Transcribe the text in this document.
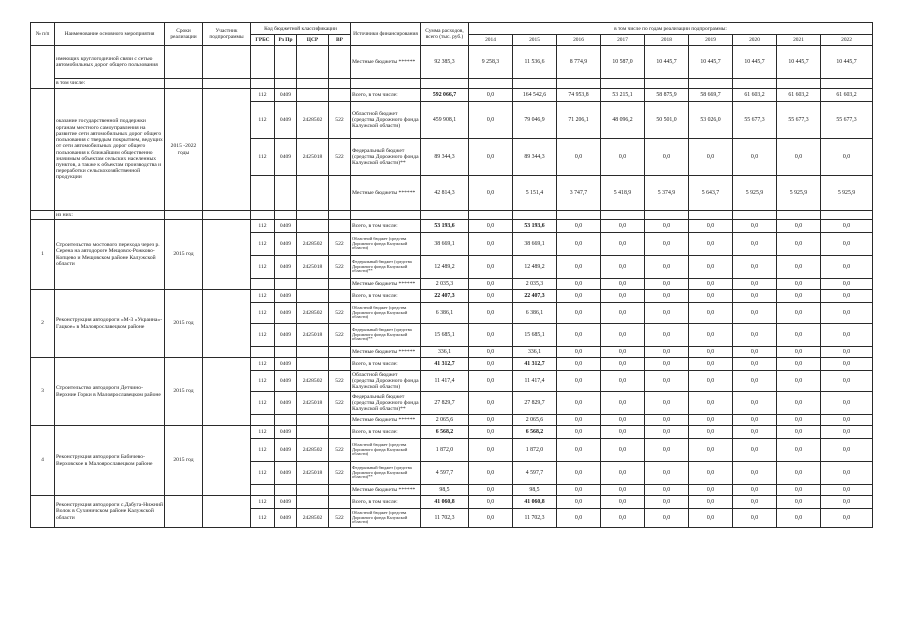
№ п/п	Наименование основного мероприятия	Сроки реализации	Участник подпрограммы	Код бюджетной классификации				Источники финансирования	Сумма расходов, всего (тыс. руб.)	в том числе по годам реализации подпрограммы:								
				ГРБС	Рз Пр	ЦСР	ВР			2014	2015	2016	2017	2018	2019	2020	2021	2022
	имеющих круглогодичной связи с сетью автомобильных дорог общего пользования							Местные бюджеты ******	92 385,3	9 258,3	11 536,6	8 774,9	10 587,0	10 445,7	10 445,7	10 445,7	10 445,7	10 445,7
	в том числе:																	
	оказание государственной поддержки органам местного самоуправления на развитие сети автомобильных дорог общего пользования с твердым покрытием, ведущих от сети автомобильных дорог общего пользования к ближайшим общественно значимым объектам сельских населенных пунктов, а также к объектам производства и переработки сельскохозяйственной продукции	2015 -2022 годы		112	0409			Всего, в том числе:	592 066,7	0,0	164 542,6	74 953,8	53 215,1	58 875,9	58 669,7	61 603,2	61 603,2	61 603,2
				112	0409	2428502	522	Областной бюджет (средства Дорожного фонда Калужской области)	459 908,1	0,0	79 046,9	71 206,1	48 096,2	50 501,0	53 026,0	55 677,3	55 677,3	55 677,3
				112	0409	2425018	522	Федеральный бюджет (средства Дорожного фонда Калужской области)**	89 344,3	0,0	89 344,3	0,0	0,0	0,0	0,0	0,0	0,0	0,0
								Местные бюджеты ******	42 814,3	0,0	5 151,4	3 747,7	5 418,9	5 374,9	5 643,7	5 925,9	5 925,9	5 925,9
	из них:																	
1	Строительство мостового перехода через р. Серена на автодороге Мещовск-Рожково-Копцево и Мещовском районе Калужской области	2015 год		112	0409			Всего, в том числе:	53 193,6	0,0	53 193,6	0,0	0,0	0,0	0,0	0,0	0,0	0,0
				112	0409	2428502	522	Областной бюджет (средства Дорожного фонда Калужской области)	38 669,1	0,0	38 669,1	0,0	0,0	0,0	0,0	0,0	0,0	0,0
				112	0409	2425018	522	Федеральный бюджет (средства Дорожного фонда Калужской области)**	12 489,2	0,0	12 489,2	0,0	0,0	0,0	0,0	0,0	0,0	0,0
								Местные бюджеты ******	2 035,3	0,0	2 035,3	0,0	0,0	0,0	0,0	0,0	0,0	0,0
2	Реконструкция автодороги «М-3 «Украина»-Гацкое» в Малоярославецком районе	2015 год		112	0409			Всего, в том числе:	22 407,3	0,0	22 407,3	0,0	0,0	0,0	0,0	0,0	0,0	0,0
				112	0409	2428502	522	Областной бюджет (средства Дорожного фонда Калужской области)	6 386,1	0,0	6 386,1	0,0	0,0	0,0	0,0	0,0	0,0	0,0
				112	0409	2425018	522	Федеральный бюджет (средства Дорожного фонда Калужской области)**	15 685,1	0,0	15 685,1	0,0	0,0	0,0	0,0	0,0	0,0	0,0
								Местные бюджеты ******	336,1	0,0	336,1	0,0	0,0	0,0	0,0	0,0	0,0	0,0
3	Строительство автодороги Детчино-Верхние Горки в Малоярославецком районе	2015 год		112	0409			Всего, в том числе:	41 312,7	0,0	41 312,7	0,0	0,0	0,0	0,0	0,0	0,0	0,0
				112	0409	2428502	522	Областной бюджет (средства Дорожного фонда Калужской области)	11 417,4	0,0	11 417,4	0,0	0,0	0,0	0,0	0,0	0,0	0,0
				112	0409	2425018	522	Федеральный бюджет (средства Дорожного фонда Калужской области)**	27 829,7	0,0	27 829,7	0,0	0,0	0,0	0,0	0,0	0,0	0,0
								Местные бюджеты ******	2 065,6	0,0	2 065,6	0,0	0,0	0,0	0,0	0,0	0,0	0,0
4	Реконструкция автодороги Бабичево-Верховское в Малоярославецком районе	2015 год		112	0409			Всего, в том числе:	6 568,2	0,0	6 568,2	0,0	0,0	0,0	0,0	0,0	0,0	0,0
				112	0409	2428502	522	Областной бюджет (средства Дорожного фонда Калужской области)	1 872,0	0,0	1 872,0	0,0	0,0	0,0	0,0	0,0	0,0	0,0
				112	0409	2425018	522	Федеральный бюджет (средства Дорожного фонда Калужской области)**	4 597,7	0,0	4 597,7	0,0	0,0	0,0	0,0	0,0	0,0	0,0
								Местные бюджеты ******	98,5	0,0	98,5	0,0	0,0	0,0	0,0	0,0	0,0	0,0
	Реконструкция автодороги с.Дабуга-Нижний Волок в Сухиничском районе Калужской области			112	0409			Всего, в том числе:	41 060,8	0,0	41 060,8	0,0	0,0	0,0	0,0	0,0	0,0	0,0
				112	0409	2428502	522	Областной бюджет (средства Дорожного фонда Калужской области)	11 702,3	0,0	11 702,3	0,0	0,0	0,0	0,0	0,0	0,0	0,0
